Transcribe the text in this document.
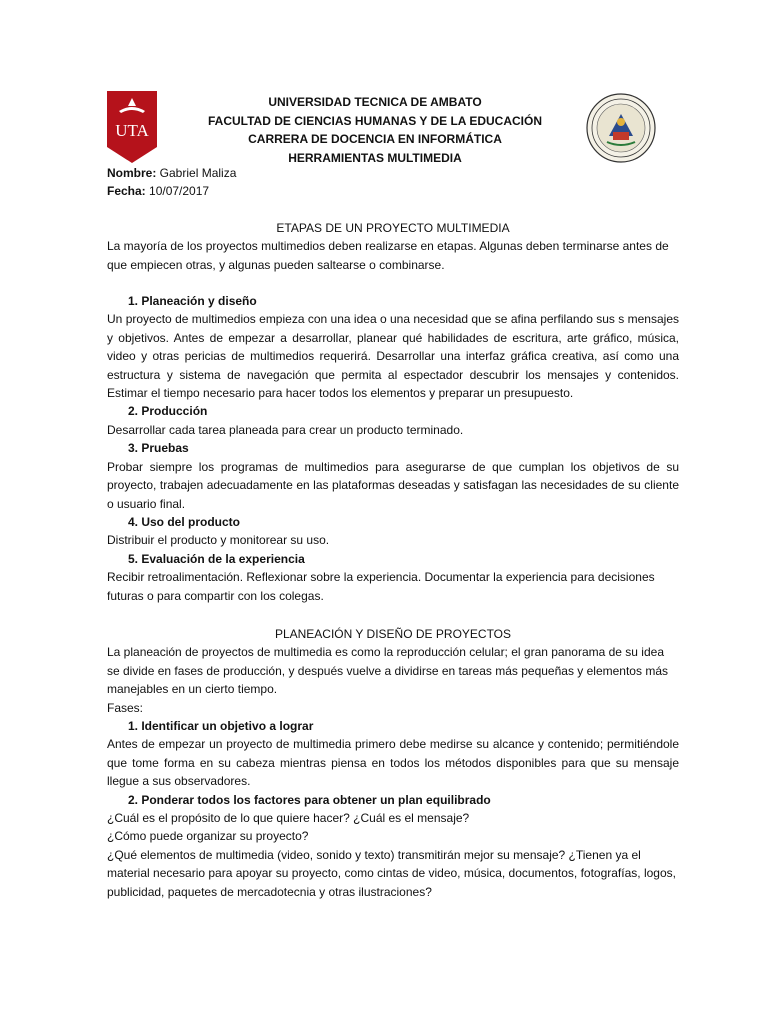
UTA
UNIVERSIDAD TECNICA DE AMBATO
FACULTAD DE CIENCIAS HUMANAS Y DE LA EDUCACIÓN
CARRERA DE DOCENCIA EN INFORMÁTICA
HERRAMIENTAS MULTIMEDIA
Nombre: Gabriel Maliza
Fecha: 10/07/2017
ETAPAS DE UN PROYECTO MULTIMEDIA
La mayoría de los proyectos multimedios deben realizarse en etapas. Algunas deben terminarse antes de que empiecen otras, y algunas pueden saltearse o combinarse.
1. Planeación y diseño
Un proyecto de multimedios empieza con una idea o una necesidad que se afina perfilando sus s mensajes y objetivos. Antes de empezar a desarrollar, planear qué habilidades de escritura, arte gráfico, música, video y otras pericias de multimedios requerirá. Desarrollar una interfaz gráfica creativa, así como una estructura y sistema de navegación que permita al espectador descubrir los mensajes y contenidos. Estimar el tiempo necesario para hacer todos los elementos y preparar un presupuesto.
2. Producción
Desarrollar cada tarea planeada para crear un producto terminado.
3. Pruebas
Probar siempre los programas de multimedios para asegurarse de que cumplan los objetivos de su proyecto, trabajen adecuadamente en las plataformas deseadas y satisfagan las necesidades de su cliente o usuario final.
4. Uso del producto
Distribuir el producto y monitorear su uso.
5. Evaluación de la experiencia
Recibir retroalimentación. Reflexionar sobre la experiencia. Documentar la experiencia para decisiones futuras o para compartir con los colegas.
PLANEACIÓN Y DISEÑO DE PROYECTOS
La planeación de proyectos de multimedia es como la reproducción celular; el gran panorama de su idea se divide en fases de producción, y después vuelve a dividirse en tareas más pequeñas y elementos más manejables en un cierto tiempo.
Fases:
1. Identificar un objetivo a lograr
Antes de empezar un proyecto de multimedia primero debe medirse su alcance y contenido; permitiéndole que tome forma en su cabeza mientras piensa en todos los métodos disponibles para que su mensaje llegue a sus observadores.
2. Ponderar todos los factores para obtener un plan equilibrado
¿Cuál es el propósito de lo que quiere hacer? ¿Cuál es el mensaje?
¿Cómo puede organizar su proyecto?
¿Qué elementos de multimedia (video, sonido y texto) transmitirán mejor su mensaje? ¿Tienen ya el material necesario para apoyar su proyecto, como cintas de video, música, documentos, fotografías, logos, publicidad, paquetes de mercadotecnia y otras ilustraciones?
